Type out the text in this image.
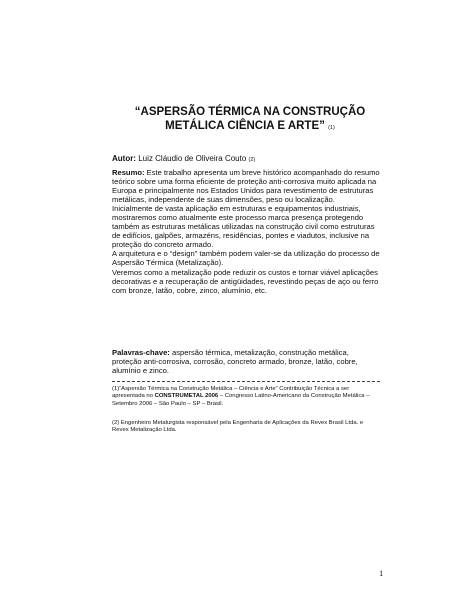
“ASPERSÃO TÉRMICA NA CONSTRUÇÃO
METÁLICA CIÊNCIA E ARTE” (1)
Autor: Luiz Cláudio de Oliveira Couto (2)

Resumo: Este trabalho apresenta um breve histórico acompanhado do resumo teórico sobre uma forma eficiente de proteção anti-corrosiva muito aplicada na Europa e principalmente nos Estados Unidos para revestimento de estruturas metálicas, independente de suas dimensões, peso ou localização.

Inicialmente de vasta aplicação em estruturas e equipamentos industriais, mostraremos como atualmente este processo marca presença protegendo também as estruturas metálicas utilizadas na construção civil como estruturas de edifícios, galpões, armazéns, residências, pontes e viadutos, inclusive na proteção do concreto armado.

A arquitetura e o “design” também podem valer-se da utilização do processo de Aspersão Térmica (Metalização).

Veremos como a metalização pode reduzir os custos e tornar viável aplicações decorativas e a recuperação de antigüidades, revestindo peças de aço ou ferro com bronze, latão, cobre, zinco, alumínio, etc.

Palavras-chave: aspersão térmica, metalização, construção metálica, proteção anti-corrosiva, corrosão, concreto armado, bronze, latão, cobre, alumínio e zinco.
(1)“Aspersão Térmica na Construção Metálica – Ciência e Arte” Contribuição Técnica a ser apresentada no CONSTRUMETAL 2006 – Congresso Latino-Americano da Construção Metálica – Setembro 2006 – São Paulo – SP – Brasil.
(2) Engenheiro Metalurgista responsável pela Engenharia de Aplicações da Revex Brasil Ltda. e Revex Metalização Ltda.
1
